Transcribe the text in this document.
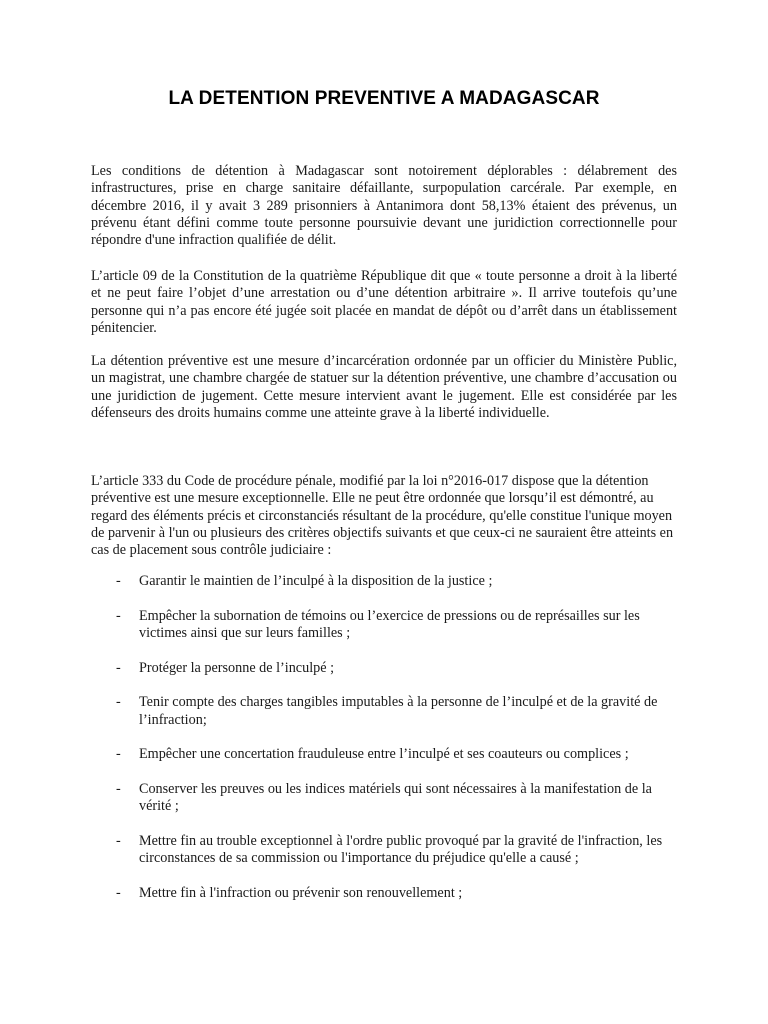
LA DETENTION PREVENTIVE A MADAGASCAR

Les conditions de détention à Madagascar sont notoirement déplorables : délabrement des infrastructures, prise en charge sanitaire défaillante, surpopulation carcérale. Par exemple, en décembre 2016, il y avait 3 289 prisonniers à Antanimora dont 58,13% étaient des prévenus, un prévenu étant défini comme toute personne poursuivie devant une juridiction correctionnelle pour répondre d'une infraction qualifiée de délit.

L’article 09 de la Constitution de la quatrième République dit que « toute personne a droit à la liberté et ne peut faire l’objet d’une arrestation ou d’une détention arbitraire ». Il arrive toutefois qu’une personne qui n’a pas encore été jugée soit placée en mandat de dépôt ou d’arrêt dans un établissement pénitencier.

La détention préventive est une mesure d’incarcération ordonnée par un officier du Ministère Public, un magistrat, une chambre chargée de statuer sur la détention préventive, une chambre d’accusation ou une juridiction de jugement. Cette mesure intervient avant le jugement. Elle est considérée par les défenseurs des droits humains comme une atteinte grave à la liberté individuelle.

L’article 333 du Code de procédure pénale, modifié par la loi n°2016-017 dispose que la détention préventive est une mesure exceptionnelle. Elle ne peut être ordonnée que lorsqu’il est démontré, au regard des éléments précis et circonstanciés résultant de la procédure, qu'elle constitue l'unique moyen de parvenir à l'un ou plusieurs des critères objectifs suivants et que ceux-ci ne sauraient être atteints en cas de placement sous contrôle judiciaire :

- Garantir le maintien de l’inculpé à la disposition de la justice ;
- Empêcher la subornation de témoins ou l’exercice de pressions ou de représailles sur les victimes ainsi que sur leurs familles ;
- Protéger la personne de l’inculpé ;
- Tenir compte des charges tangibles imputables à la personne de l’inculpé et de la gravité de l’infraction;
- Empêcher une concertation frauduleuse entre l’inculpé et ses coauteurs ou complices ;
- Conserver les preuves ou les indices matériels qui sont nécessaires à la manifestation de la vérité ;
- Mettre fin au trouble exceptionnel à l'ordre public provoqué par la gravité de l'infraction, les circonstances de sa commission ou l'importance du préjudice qu'elle a causé ;
- Mettre fin à l'infraction ou prévenir son renouvellement ;
